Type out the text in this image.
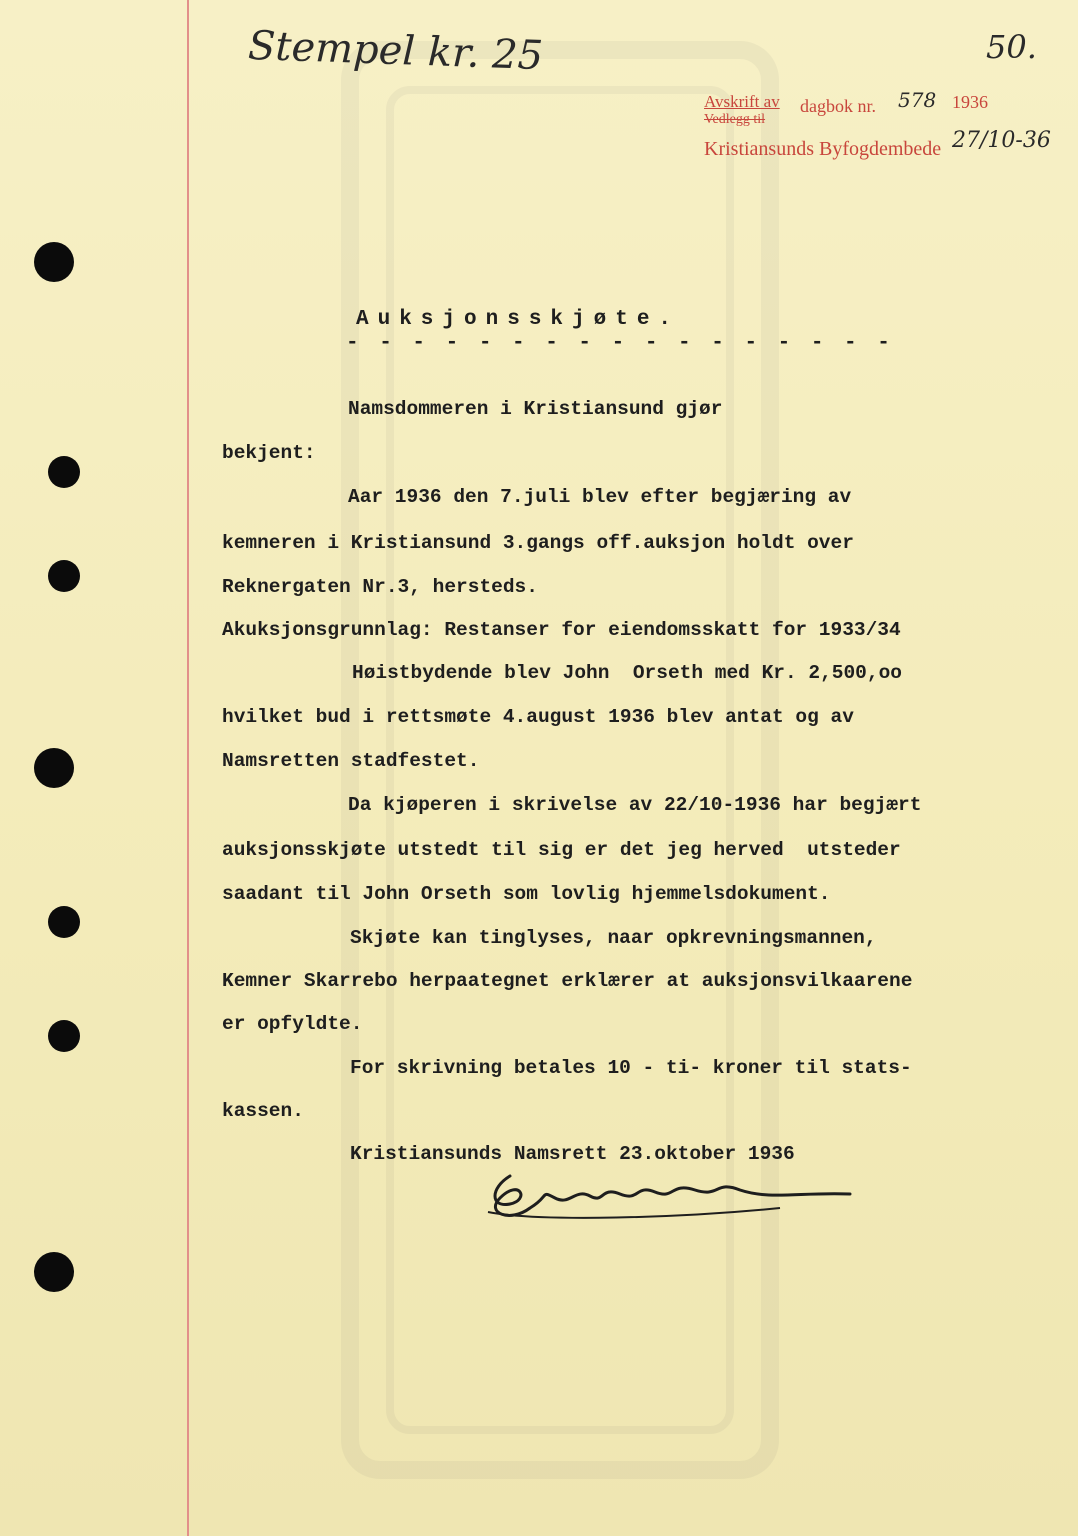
Stempel kr. 25	50.
Avskrift av
Vedlegg til
dagbok nr. 578 1936
Kristiansunds Byfogdembede 27/10-36
Auksjonsskjøte.
- - - - - - - - - - - - - - - - -
Namsdommeren i Kristiansund gjør
bekjent:
Aar 1936 den 7.juli blev efter begjæring av
kemneren i Kristiansund 3.gangs off.auksjon holdt over
Reknergaten Nr.3, hersteds.
Akuksjonsgrunnlag: Restanser for eiendomsskatt for 1933/34
Høistbydende blev John  Orseth med Kr. 2,500,oo
hvilket bud i rettsmøte 4.august 1936 blev antat og av
Namsretten stadfestet.
Da kjøperen i skrivelse av 22/10-1936 har begjært
auksjonsskjøte utstedt til sig er det jeg herved  utsteder
saadant til John Orseth som lovlig hjemmelsdokument.
Skjøte kan tinglyses, naar opkrevningsmannen,
Kemner Skarrebo herpaategnet erklærer at auksjonsvilkaarene
er opfyldte.
For skrivning betales 10 - ti- kroner til stats-
kassen.
Kristiansunds Namsrett 23.oktober 1936
